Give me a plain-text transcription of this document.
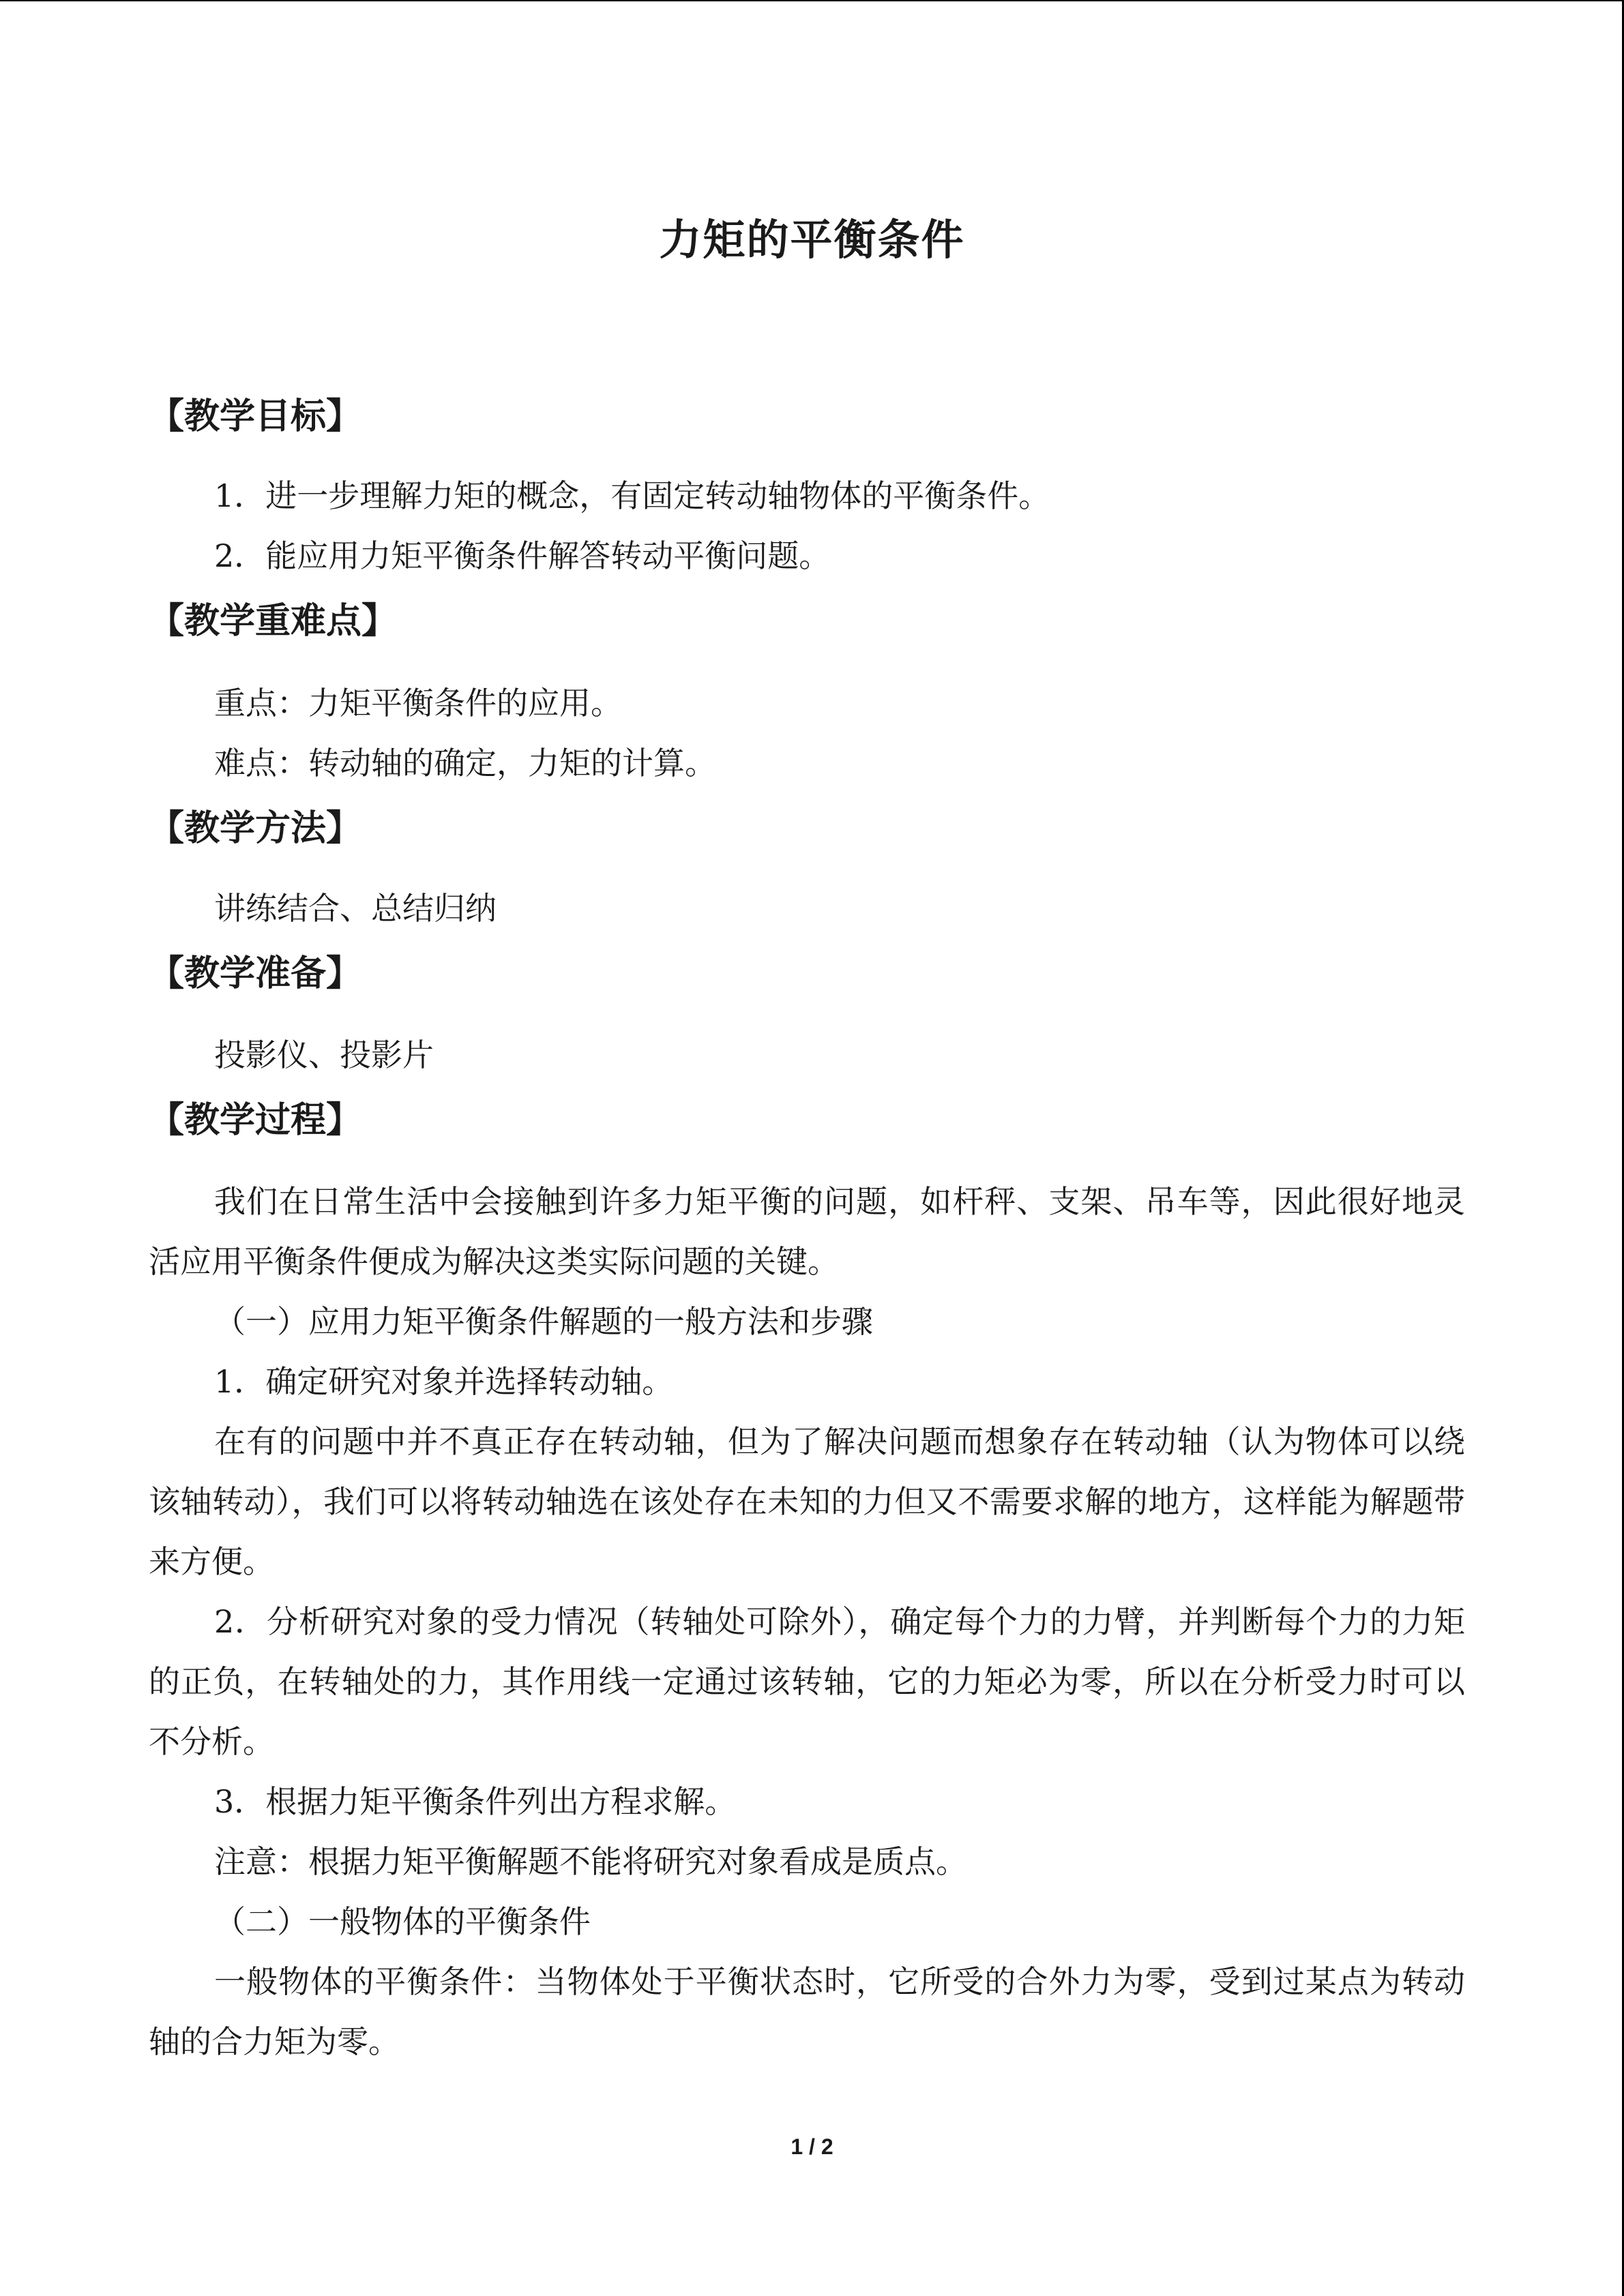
力矩的平衡条件
【教学目标】

1．进一步理解力矩的概念，有固定转动轴物体的平衡条件。

2．能应用力矩平衡条件解答转动平衡问题。

【教学重难点】

重点：力矩平衡条件的应用。

难点：转动轴的确定，力矩的计算。

【教学方法】

讲练结合、总结归纳

【教学准备】

投影仪、投影片

【教学过程】

我们在日常生活中会接触到许多力矩平衡的问题，如杆秤、支架、吊车等，因此很好地灵活应用平衡条件便成为解决这类实际问题的关键。

（一）应用力矩平衡条件解题的一般方法和步骤

1．确定研究对象并选择转动轴。

在有的问题中并不真正存在转动轴，但为了解决问题而想象存在转动轴（认为物体可以绕该轴转动），我们可以将转动轴选在该处存在未知的力但又不需要求解的地方，这样能为解题带来方便。

2．分析研究对象的受力情况（转轴处可除外），确定每个力的力臂，并判断每个力的力矩的正负，在转轴处的力，其作用线一定通过该转轴，它的力矩必为零，所以在分析受力时可以不分析。

3．根据力矩平衡条件列出方程求解。

注意：根据力矩平衡解题不能将研究对象看成是质点。

（二）一般物体的平衡条件

一般物体的平衡条件：当物体处于平衡状态时，它所受的合外力为零，受到过某点为转动轴的合力矩为零。

1 / 2
